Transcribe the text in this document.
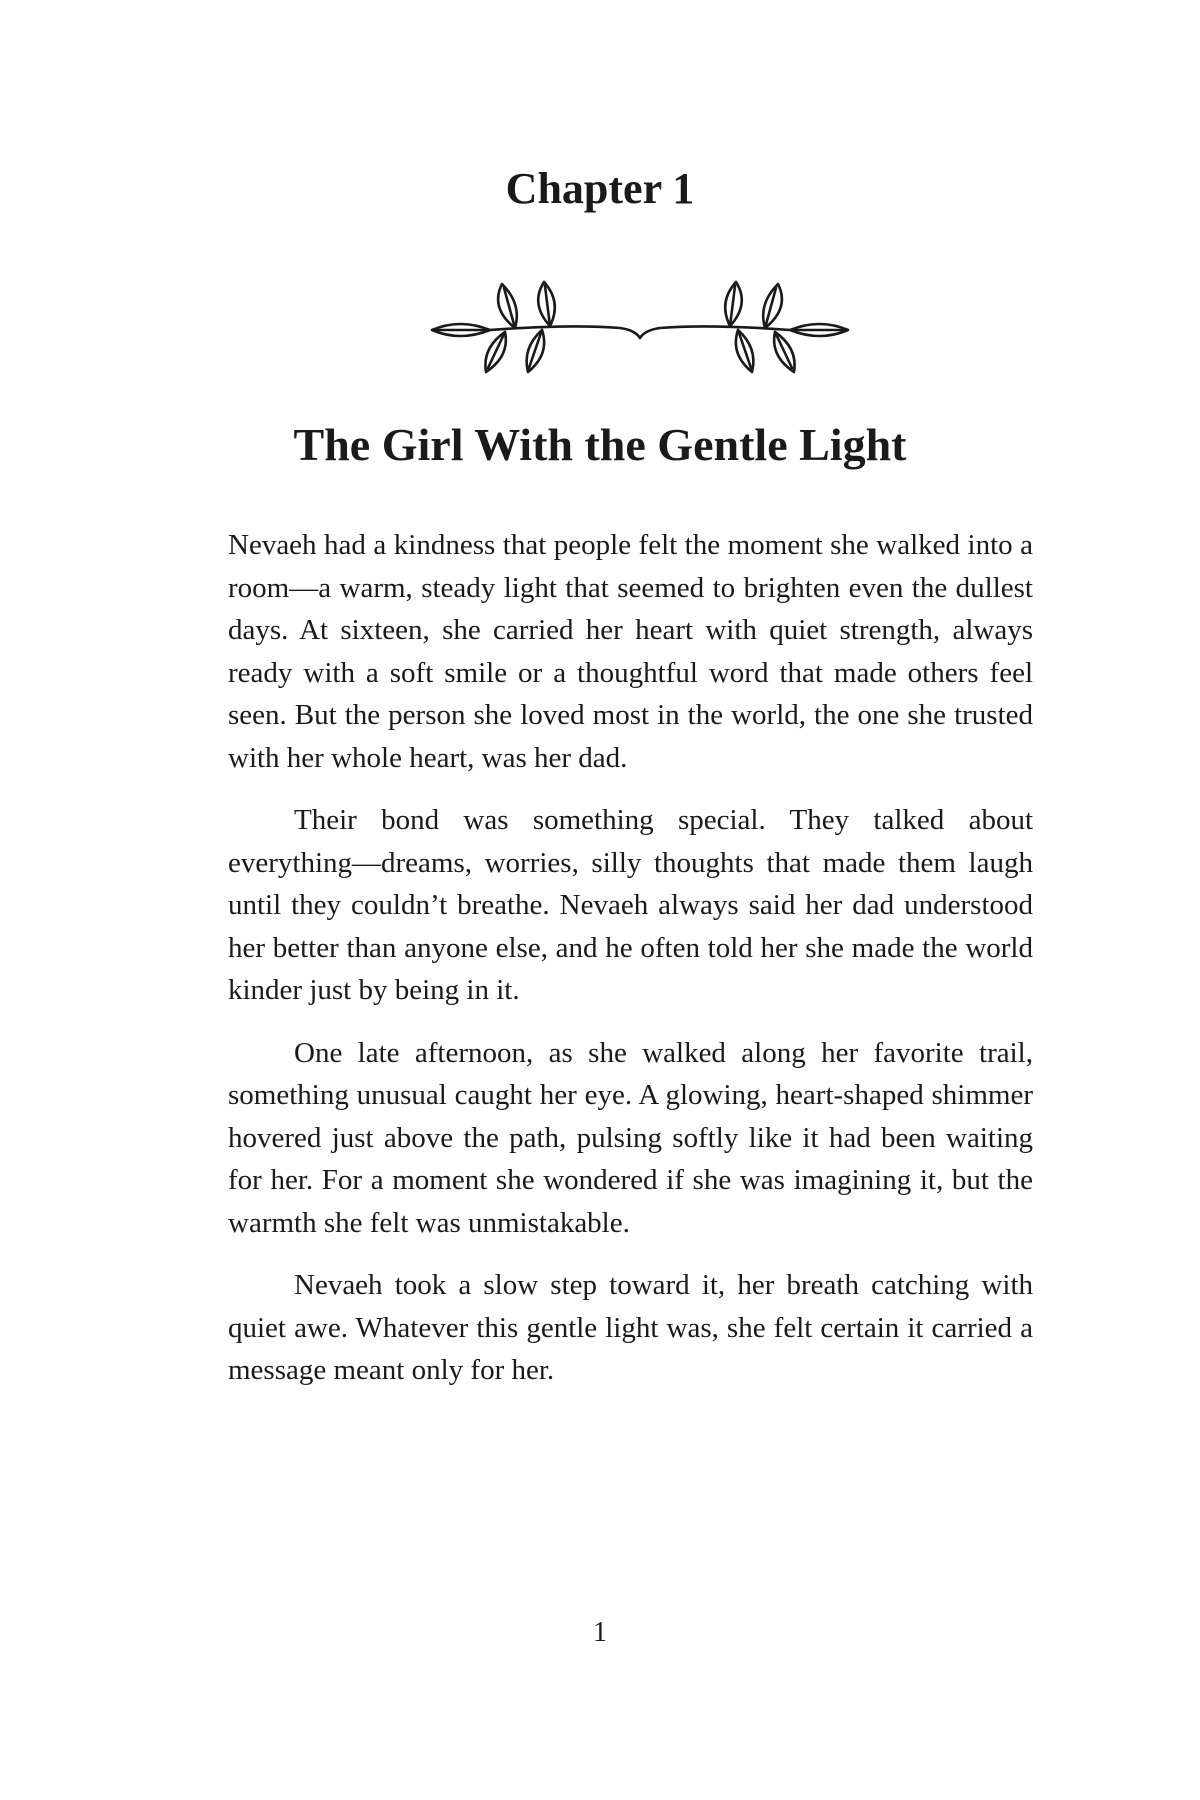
Chapter 1
The Girl With the Gentle Light

Nevaeh had a kindness that people felt the moment she walked into a room—a warm, steady light that seemed to brighten even the dullest days. At sixteen, she carried her heart with quiet strength, always ready with a soft smile or a thoughtful word that made others feel seen. But the person she loved most in the world, the one she trusted with her whole heart, was her dad.

Their bond was something special. They talked about everything—dreams, worries, silly thoughts that made them laugh until they couldn’t breathe. Nevaeh always said her dad understood her better than anyone else, and he often told her she made the world kinder just by being in it.

One late afternoon, as she walked along her favorite trail, something unusual caught her eye. A glowing, heart-shaped shimmer hovered just above the path, pulsing softly like it had been waiting for her. For a moment she wondered if she was imagining it, but the warmth she felt was unmistakable.

Nevaeh took a slow step toward it, her breath catching with quiet awe. Whatever this gentle light was, she felt certain it carried a message meant only for her.

1
